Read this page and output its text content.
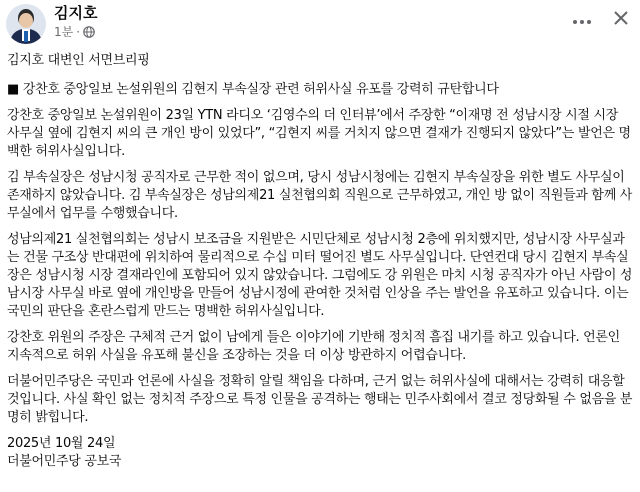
김지호
1분 ·

김지호 대변인 서면브리핑

■ 강찬호 중앙일보 논설위원의 김현지 부속실장 관련 허위사실 유포를 강력히 규탄합니다

강찬호 중앙일보 논설위원이 23일 YTN 라디오 ‘김영수의 더 인터뷰’에서 주장한 “이재명 전 성남시장 시절 시장 사무실 옆에 김현지 씨의 큰 개인 방이 있었다”, “김현지 씨를 거치지 않으면 결재가 진행되지 않았다”는 발언은 명백한 허위사실입니다.

김 부속실장은 성남시청 공직자로 근무한 적이 없으며, 당시 성남시청에는 김현지 부속실장을 위한 별도 사무실이 존재하지 않았습니다. 김 부속실장은 성남의제21 실천협의회 직원으로 근무하였고, 개인 방 없이 직원들과 함께 사무실에서 업무를 수행했습니다.

성남의제21 실천협의회는 성남시 보조금을 지원받은 시민단체로 성남시청 2층에 위치했지만, 성남시장 사무실과는 건물 구조상 반대편에 위치하여 물리적으로 수십 미터 떨어진 별도 사무실입니다. 단연컨대 당시 김현지 부속실장은 성남시청 시장 결재라인에 포함되어 있지 않았습니다. 그럼에도 강 위원은 마치 시청 공직자가 아닌 사람이 성남시장 사무실 바로 옆에 개인방을 만들어 성남시정에 관여한 것처럼 인상을 주는 발언을 유포하고 있습니다. 이는 국민의 판단을 혼란스럽게 만드는 명백한 허위사실입니다.

강찬호 위원의 주장은 구체적 근거 없이 남에게 들은 이야기에 기반해 정치적 흠집 내기를 하고 있습니다. 언론인 지속적으로 허위 사실을 유포해 불신을 조장하는 것을 더 이상 방관하지 어렵습니다.

더불어민주당은 국민과 언론에 사실을 정확히 알릴 책임을 다하며, 근거 없는 허위사실에 대해서는 강력히 대응할 것입니다. 사실 확인 없는 정치적 주장으로 특정 인물을 공격하는 행태는 민주사회에서 결코 정당화될 수 없음을 분명히 밝힙니다.

2025년 10월 24일

더불어민주당 공보국
